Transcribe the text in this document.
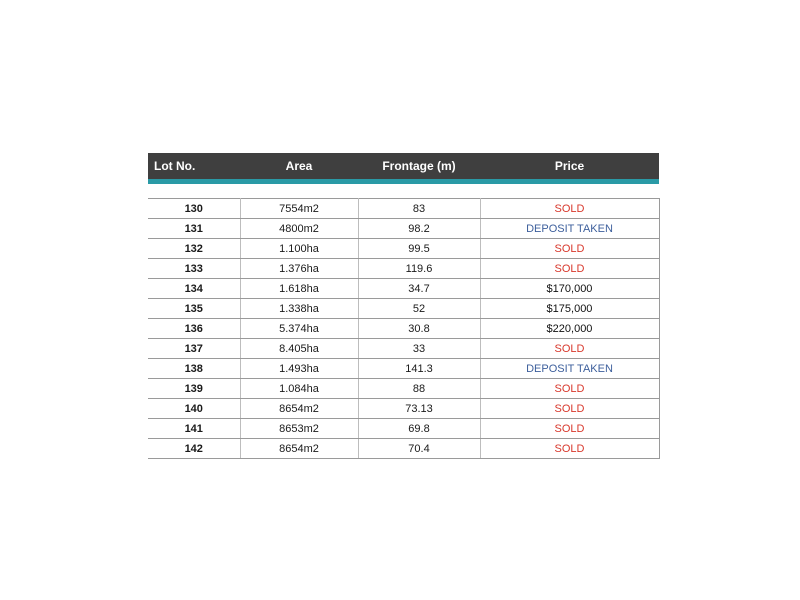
Lot No.	Area	Frontage (m)	Price
130	7554m2	83	SOLD
131	4800m2	98.2	DEPOSIT TAKEN
132	1.100ha	99.5	SOLD
133	1.376ha	119.6	SOLD
134	1.618ha	34.7	$170,000
135	1.338ha	52	$175,000
136	5.374ha	30.8	$220,000
137	8.405ha	33	SOLD
138	1.493ha	141.3	DEPOSIT TAKEN
139	1.084ha	88	SOLD
140	8654m2	73.13	SOLD
141	8653m2	69.8	SOLD
142	8654m2	70.4	SOLD
